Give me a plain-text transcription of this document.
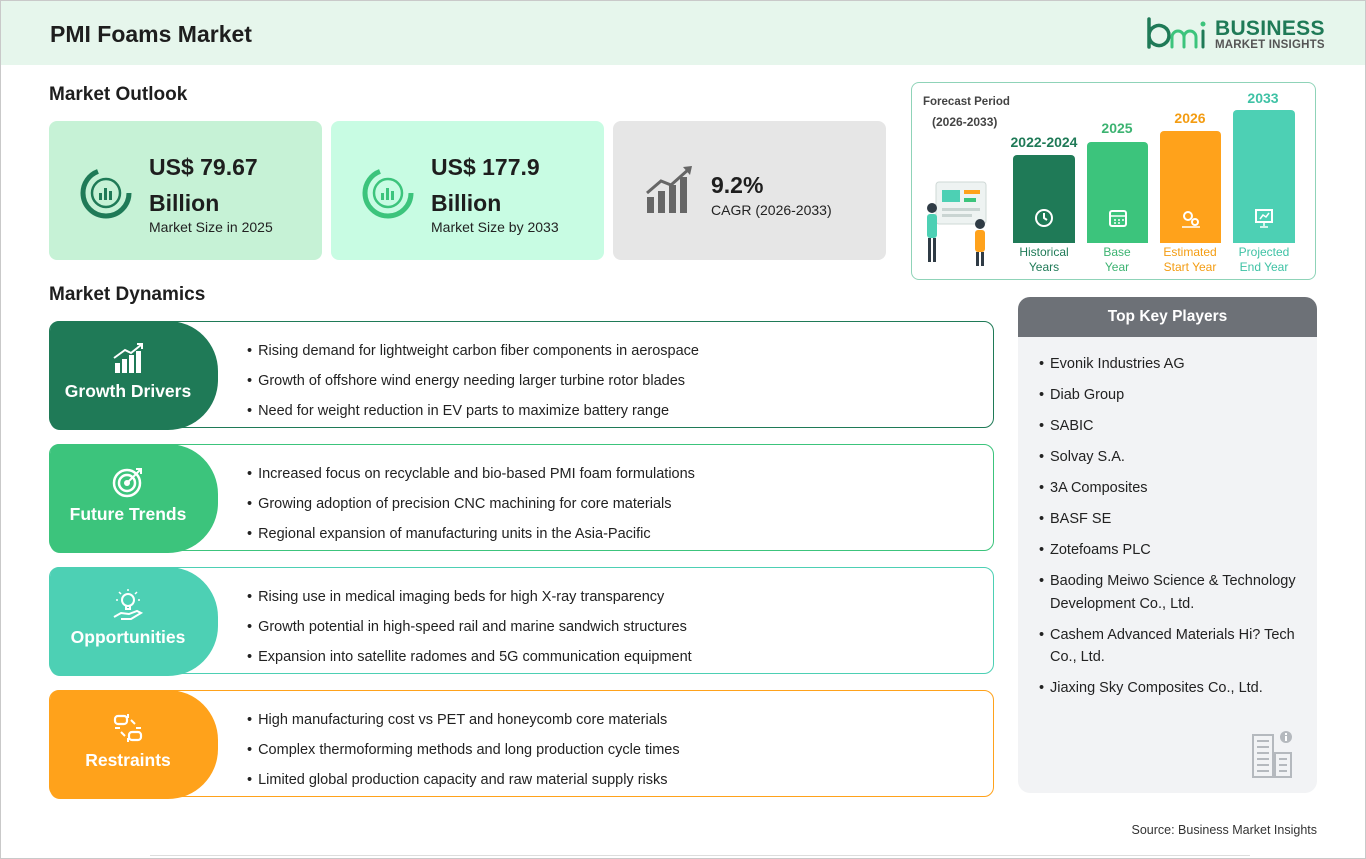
PMI Foams Market	BUSINESS
MARKET INSIGHTS
Market Outlook
US$ 79.67
Billion
Market Size in 2025
US$ 177.9
Billion
Market Size by 2033
9.2%
CAGR (2026-2033)
Forecast Period
(2026-2033)
2022-2024
Historical
Years
2025
Base
Year
2026
Estimated
Start Year
2033
Projected
End Year
Market Dynamics
Growth Drivers
• Rising demand for lightweight carbon fiber components in aerospace
• Growth of offshore wind energy needing larger turbine rotor blades
• Need for weight reduction in EV parts to maximize battery range
Future Trends
• Increased focus on recyclable and bio-based PMI foam formulations
• Growing adoption of precision CNC machining for core materials
• Regional expansion of manufacturing units in the Asia-Pacific
Opportunities
• Rising use in medical imaging beds for high X-ray transparency
• Growth potential in high-speed rail and marine sandwich structures
• Expansion into satellite radomes and 5G communication equipment
Restraints
• High manufacturing cost vs PET and honeycomb core materials
• Complex thermoforming methods and long production cycle times
• Limited global production capacity and raw material supply risks
Top Key Players
• Evonik Industries AG
• Diab Group
• SABIC
• Solvay S.A.
• 3A Composites
• BASF SE
• Zotefoams PLC
• Baoding Meiwo Science & Technology Development Co., Ltd.
• Cashem Advanced Materials Hi? Tech Co., Ltd.
• Jiaxing Sky Composites Co., Ltd.
Source: Business Market Insights
